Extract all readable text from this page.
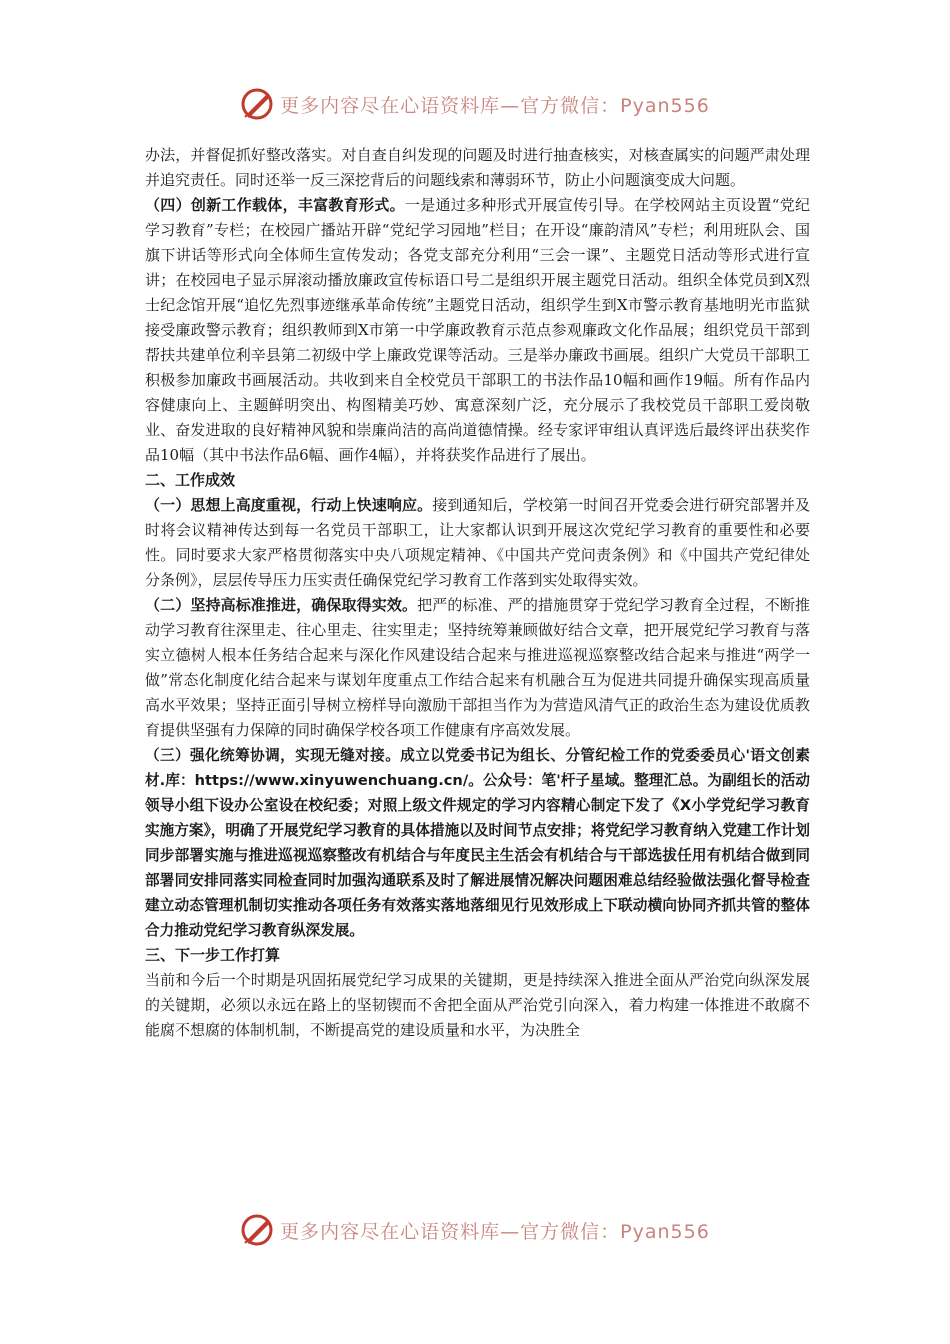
更多内容尽在心语资料库—官方微信：Pyan556

办法，并督促抓好整改落实。对自查自纠发现的问题及时进行抽查核实，对核查属实的问题严肃处理并追究责任。同时还举一反三深挖背后的问题线索和薄弱环节，防止小问题演变成大问题。

（四）创新工作载体，丰富教育形式。一是通过多种形式开展宣传引导。在学校网站主页设置“党纪学习教育”专栏；在校园广播站开辟“党纪学习园地”栏目；在开设“廉韵清风”专栏；利用班队会、国旗下讲话等形式向全体师生宣传发动；各党支部充分利用“三会一课”、主题党日活动等形式进行宣讲；在校园电子显示屏滚动播放廉政宣传标语口号二是组织开展主题党日活动。组织全体党员到X烈士纪念馆开展“追忆先烈事迹继承革命传统”主题党日活动，组织学生到X市警示教育基地明光市监狱接受廉政警示教育；组织教师到X市第一中学廉政教育示范点参观廉政文化作品展；组织党员干部到帮扶共建单位利辛县第二初级中学上廉政党课等活动。三是举办廉政书画展。组织广大党员干部职工积极参加廉政书画展活动。共收到来自全校党员干部职工的书法作品10幅和画作19幅。所有作品内容健康向上、主题鲜明突出、构图精美巧妙、寓意深刻广泛，充分展示了我校党员干部职工爱岗敬业、奋发进取的良好精神风貌和崇廉尚洁的高尚道德情操。经专家评审组认真评选后最终评出获奖作品10幅（其中书法作品6幅、画作4幅），并将获奖作品进行了展出。

二、工作成效

（一）思想上高度重视，行动上快速响应。接到通知后，学校第一时间召开党委会进行研究部署并及时将会议精神传达到每一名党员干部职工，让大家都认识到开展这次党纪学习教育的重要性和必要性。同时要求大家严格贯彻落实中央八项规定精神、《中国共产党问责条例》和《中国共产党纪律处分条例》，层层传导压力压实责任确保党纪学习教育工作落到实处取得实效。

（二）坚持高标准推进，确保取得实效。把严的标准、严的措施贯穿于党纪学习教育全过程，不断推动学习教育往深里走、往心里走、往实里走；坚持统筹兼顾做好结合文章，把开展党纪学习教育与落实立德树人根本任务结合起来与深化作风建设结合起来与推进巡视巡察整改结合起来与推进“两学一做”常态化制度化结合起来与谋划年度重点工作结合起来有机融合互为促进共同提升确保实现高质量高水平效果；坚持正面引导树立榜样导向激励干部担当作为为营造风清气正的政治生态为建设优质教育提供坚强有力保障的同时确保学校各项工作健康有序高效发展。

（三）强化统筹协调，实现无缝对接。成立以党委书记为组长、分管纪检工作的党委委员心'语文创素材.库：https://www.xinyuwenchuang.cn/。公众号：笔'杆子星域。整理汇总。为副组长的活动领导小组下设办公室设在校纪委；对照上级文件规定的学习内容精心制定下发了《X小学党纪学习教育实施方案》，明确了开展党纪学习教育的具体措施以及时间节点安排；将党纪学习教育纳入党建工作计划同步部署实施与推进巡视巡察整改有机结合与年度民主生活会有机结合与干部选拔任用有机结合做到同部署同安排同落实同检查同时加强沟通联系及时了解进展情况解决问题困难总结经验做法强化督导检查建立动态管理机制切实推动各项任务有效落实落地落细见行见效形成上下联动横向协同齐抓共管的整体合力推动党纪学习教育纵深发展。

三、下一步工作打算

当前和今后一个时期是巩固拓展党纪学习成果的关键期，更是持续深入推进全面从严治党向纵深发展的关键期，必须以永远在路上的坚韧锲而不舍把全面从严治党引向深入，着力构建一体推进不敢腐不能腐不想腐的体制机制，不断提高党的建设质量和水平，为决胜全

更多内容尽在心语资料库—官方微信：Pyan556
